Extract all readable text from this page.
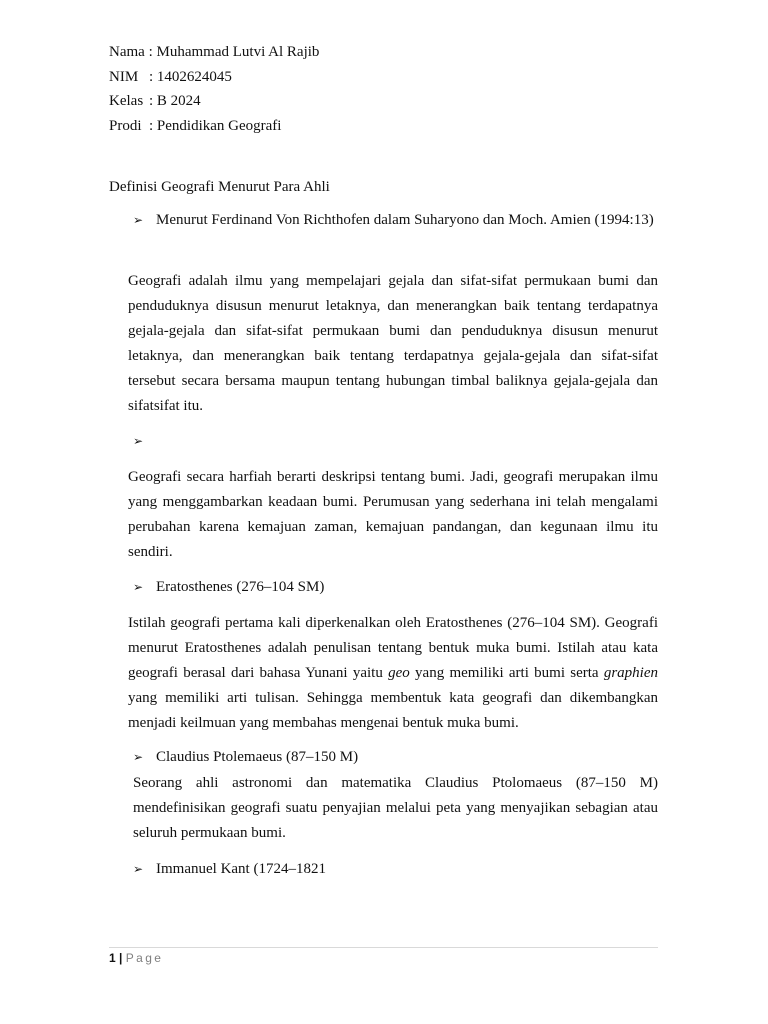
Nama : Muhammad Lutvi Al Rajib
NIM : 1402624045
Kelas : B 2024
Prodi : Pendidikan Geografi
Definisi Geografi Menurut Para Ahli
➢ Menurut Ferdinand Von Richthofen dalam Suharyono dan Moch. Amien (1994:13)
Geografi adalah ilmu yang mempelajari gejala dan sifat-sifat permukaan bumi dan penduduknya disusun menurut letaknya, dan menerangkan baik tentang terdapatnya gejala-gejala dan sifat-sifat permukaan bumi dan penduduknya disusun menurut letaknya, dan menerangkan baik tentang terdapatnya gejala-gejala dan sifat-sifat tersebut secara bersama maupun tentang hubungan timbal baliknya gejala-gejala dan sifatsifat itu.
➢
Geografi secara harfiah berarti deskripsi tentang bumi. Jadi, geografi merupakan ilmu yang menggambarkan keadaan bumi. Perumusan yang sederhana ini telah mengalami perubahan karena kemajuan zaman, kemajuan pandangan, dan kegunaan ilmu itu sendiri.
➢ Eratosthenes (276–104 SM)
Istilah geografi pertama kali diperkenalkan oleh Eratosthenes (276–104 SM). Geografi menurut Eratosthenes adalah penulisan tentang bentuk muka bumi. Istilah atau kata geografi berasal dari bahasa Yunani yaitu geo yang memiliki arti bumi serta graphien yang memiliki arti tulisan. Sehingga membentuk kata geografi dan dikembangkan menjadi keilmuan yang membahas mengenai bentuk muka bumi.
➢ Claudius Ptolemaeus (87–150 M)
Seorang ahli astronomi dan matematika Claudius Ptolomaeus (87–150 M) mendefinisikan geografi suatu penyajian melalui peta yang menyajikan sebagian atau seluruh permukaan bumi.
➢ Immanuel Kant (1724–1821
1 | Page
